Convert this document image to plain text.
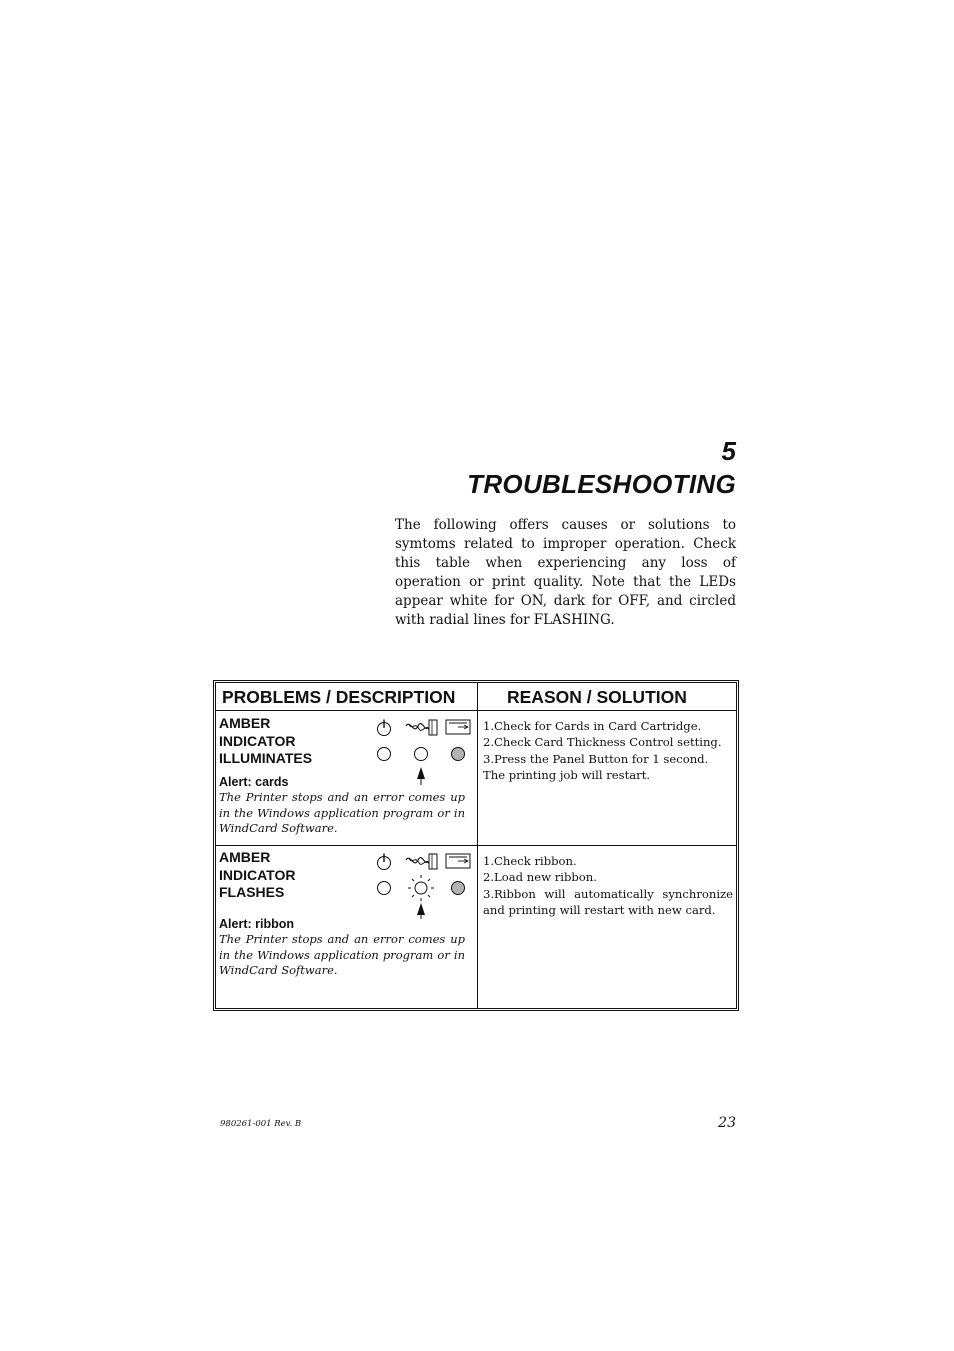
5
TROUBLESHOOTING
The following offers causes or solutions to symtoms related to improper operation. Check this table when experiencing any loss of operation or print quality. Note that the LEDs appear white for ON, dark for OFF, and circled with radial lines for FLASHING.
PROBLEMS / DESCRIPTION	REASON / SOLUTION
AMBER
INDICATOR
ILLUMINATES
Alert: cards
The Printer stops and an error comes up in the Windows application program or in WindCard Software.
1.Check for Cards in Card Cartridge.
2.Check Card Thickness Control setting.
3.Press the Panel Button for 1 second.
The printing job will restart.
AMBER
INDICATOR
FLASHES
Alert: ribbon
The Printer stops and an error comes up in the Windows application program or in WindCard Software.
1.Check ribbon.
2.Load new ribbon.
3.Ribbon will automatically synchronize and printing will restart with new card.
980261-001 Rev. B	23
